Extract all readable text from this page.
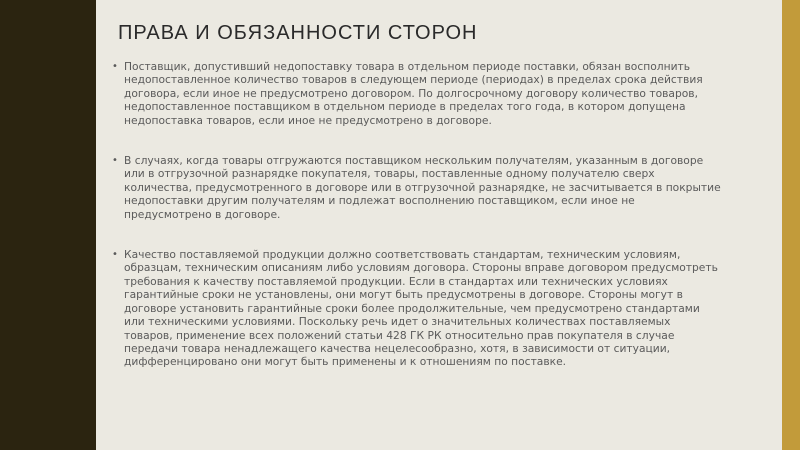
ПРАВА И ОБЯЗАННОСТИ СТОРОН
• Поставщик, допустивший недопоставку товара в отдельном периоде поставки, обязан восполнить недопоставленное количество товаров в следующем периоде (периодах) в пределах срока действия договора, если иное не предусмотрено договором. По долгосрочному договору количество товаров, недопоставленное поставщиком в отдельном периоде в пределах того года, в котором допущена недопоставка товаров, если иное не предусмотрено в договоре.
• В случаях, когда товары отгружаются поставщиком нескольким получателям, указанным в договоре или в отгрузочной разнарядке покупателя, товары, поставленные одному получателю сверх количества, предусмотренного в договоре или в отгрузочной разнарядке, не засчитывается в покрытие недопоставки другим получателям и подлежат восполнению поставщиком, если иное не предусмотрено в договоре.
• Качество поставляемой продукции должно соответствовать стандартам, техническим условиям, образцам, техническим описаниям либо условиям договора. Стороны вправе договором предусмотреть требования к качеству поставляемой продукции. Если в стандартах или технических условиях гарантийные сроки не установлены, они могут быть предусмотрены в договоре. Стороны могут в договоре установить гарантийные сроки более продолжительные, чем предусмотрено стандартами или техническими условиями. Поскольку речь идет о значительных количествах поставляемых товаров, применение всех положений статьи 428 ГК РК относительно прав покупателя в случае передачи товара ненадлежащего качества нецелесообразно, хотя, в зависимости от ситуации, дифференцировано они могут быть применены и к отношениям по поставке.
